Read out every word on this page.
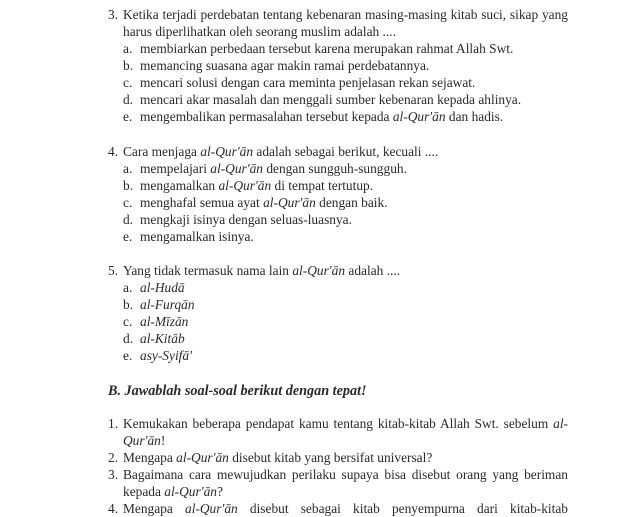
3. Ketika terjadi perdebatan tentang kebenaran masing-masing kitab suci, sikap yang harus diperlihatkan oleh seorang muslim adalah ....
a. membiarkan perbedaan tersebut karena merupakan rahmat Allah Swt.
b. memancing suasana agar makin ramai perdebatannya.
c. mencari solusi dengan cara meminta penjelasan rekan sejawat.
d. mencari akar masalah dan menggali sumber kebenaran kepada ahlinya.
e. mengembalikan permasalahan tersebut kepada al-Qur'ān dan hadis.
4. Cara menjaga al-Qur'ān adalah sebagai berikut, kecuali ....
a. mempelajari al-Qur'ān dengan sungguh-sungguh.
b. mengamalkan al-Qur'ān di tempat tertutup.
c. menghafal semua ayat al-Qur'ān dengan baik.
d. mengkaji isinya dengan seluas-luasnya.
e. mengamalkan isinya.
5. Yang tidak termasuk nama lain al-Qur'ān adalah ....
a. al-Hudā
b. al-Furqān
c. al-Mīzān
d. al-Kitāb
e. asy-Syifā'
B. Jawablah soal-soal berikut dengan tepat!
1. Kemukakan beberapa pendapat kamu tentang kitab-kitab Allah Swt. sebelum al-Qur'ān!
2. Mengapa al-Qur'ān disebut kitab yang bersifat universal?
3. Bagaimana cara mewujudkan perilaku supaya bisa disebut orang yang beriman kepada al-Qur'ān?
4. Mengapa al-Qur'ān disebut sebagai kitab penyempurna dari kitab-kitab
